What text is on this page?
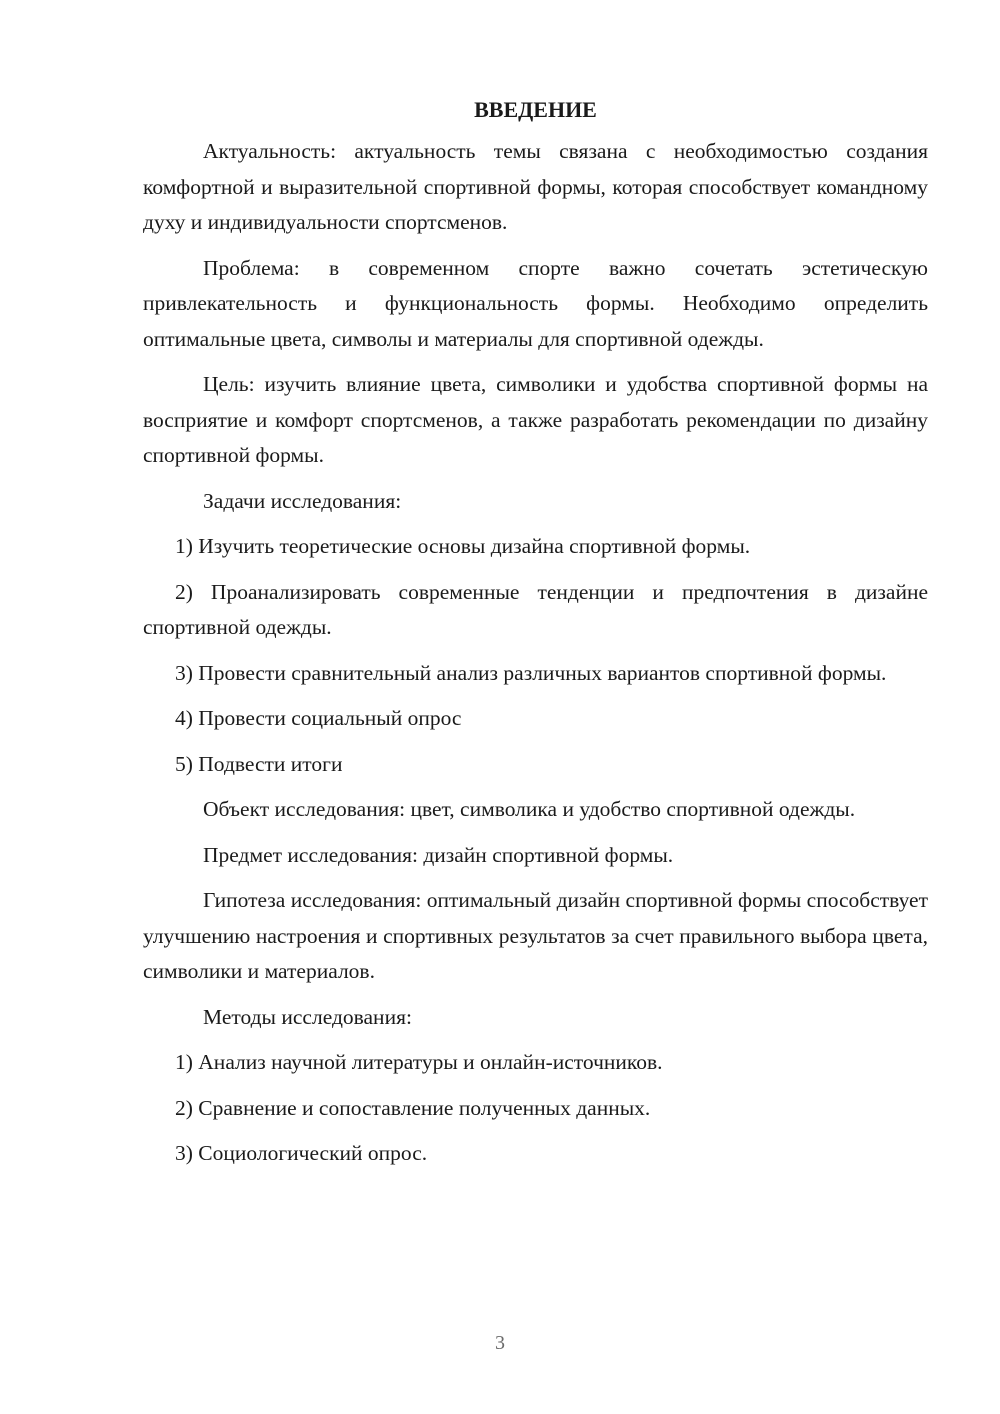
ВВЕДЕНИЕ

Актуальность: актуальность темы связана с необходимостью создания комфортной и выразительной спортивной формы, которая способствует командному духу и индивидуальности спортсменов.

Проблема: в современном спорте важно сочетать эстетическую привлекательность и функциональность формы. Необходимо определить оптимальные цвета, символы и материалы для спортивной одежды.

Цель: изучить влияние цвета, символики и удобства спортивной формы на восприятие и комфорт спортсменов, а также разработать рекомендации по дизайну спортивной формы.

Задачи исследования:

1) Изучить теоретические основы дизайна спортивной формы.

2) Проанализировать современные тенденции и предпочтения в дизайне спортивной одежды.

3) Провести сравнительный анализ различных вариантов спортивной формы.

4) Провести социальный опрос

5) Подвести итоги

Объект исследования: цвет, символика и удобство спортивной одежды.

Предмет исследования: дизайн спортивной формы.

Гипотеза исследования: оптимальный дизайн спортивной формы способствует улучшению настроения и спортивных результатов за счет правильного выбора цвета, символики и материалов.

Методы исследования:

1) Анализ научной литературы и онлайн-источников.

2) Сравнение и сопоставление полученных данных.

3) Социологический опрос.

3
